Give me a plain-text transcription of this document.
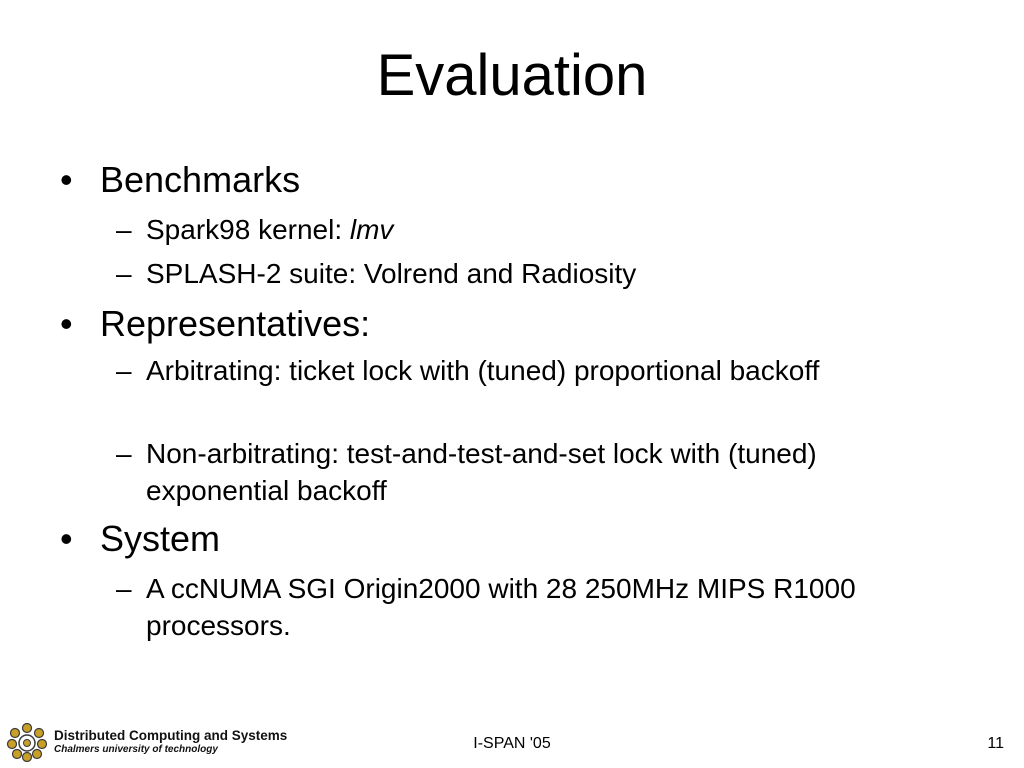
Evaluation
• Benchmarks
– Spark98 kernel: lmv
– SPLASH-2 suite: Volrend and Radiosity
• Representatives:
– Arbitrating: ticket lock with (tuned) proportional backoff
– Non-arbitrating: test-and-test-and-set lock with (tuned) exponential backoff
• System
– A ccNUMA SGI Origin2000 with 28 250MHz MIPS R1000 processors.
Distributed Computing and Systems
Chalmers university of technology	I-SPAN '05	11
